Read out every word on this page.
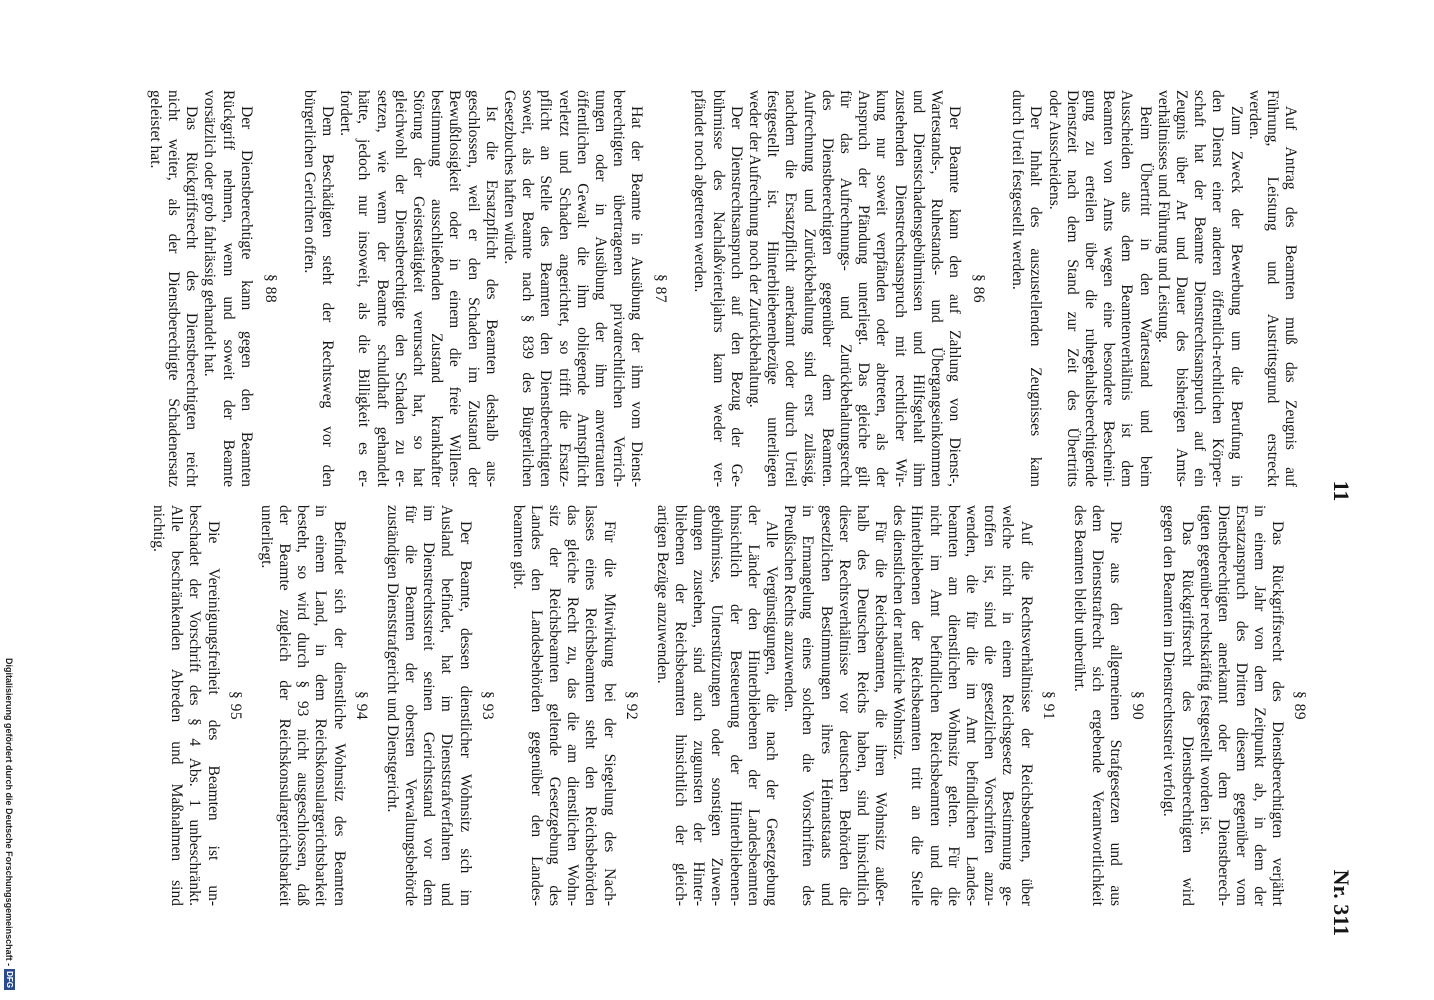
11
Nr. 311
Auf Antrag des Beamten muß das Zeugnis auf
Führung, Leistung und Austrittsgrund erstreckt
werden.
Zum Zweck der Bewerbung um die Berufung in
den Dienst einer anderen öffentlich-rechtlichen Körper-
schaft hat der Beamte Dienstrechtsanspruch auf ein
Zeugnis über Art und Dauer des bisherigen Amts-
verhältnisses und Führung und Leistung.
Beim Übertritt in den Wartestand und beim
Ausscheiden aus dem Beamtenverhältnis ist dem
Beamten von Amts wegen eine besondere Bescheini-
gung zu erteilen über die ruhegehaltsberechtigende
Dienstzeit nach dem Stand zur Zeit des Übertritts
oder Ausscheidens.
Der Inhalt des auszustellenden Zeugnisses kann
durch Urteil festgestellt werden.
§ 86
Der Beamte kann den auf Zahlung von Dienst-,
Wartestands-, Ruhestands- und Übergangseinkommen
und Dienstschadensgebührnissen und Hilfsgehalt ihm
zustehenden Dienstrechtsanspruch mit rechtlicher Wir-
kung nur soweit verpfänden oder abtreten, als der
Anspruch der Pfändung unterliegt. Das gleiche gilt
für das Aufrechnungs- und Zurückbehaltungsrecht
des Dienstberechtigten gegenüber dem Beamten.
Aufrechnung und Zurückbehaltung sind erst zulässig,
nachdem die Ersatzpflicht anerkannt oder durch Urteil
festgestellt ist. Hinterbliebenenbezüge unterliegen
weder der Aufrechnung noch der Zurückbehaltung.
Der Dienstrechtsanspruch auf den Bezug der Ge-
bührnisse des Nachlaßvierteljahrs kann weder ver-
pfändet noch abgetreten werden.
§ 87
Hat der Beamte in Ausübung der ihm vom Dienst-
berechtigten übertragenen privatrechtlichen Verrich-
tungen oder in Ausübung der ihm anvertrauten
öffentlichen Gewalt die ihm obliegende Amtspflicht
verletzt und Schaden angerichtet, so trifft die Ersatz-
pflicht an Stelle des Beamten den Dienstberechtigten
soweit, als der Beamte nach § 839 des Bürgerlichen
Gesetzbuches haften würde.
Ist die Ersatzpflicht des Beamten deshalb aus-
geschlossen, weil er den Schaden im Zustand der
Bewußtlosigkeit oder in einem die freie Willens-
bestimmung ausschließenden Zustand krankhafter
Störung der Geistestätigkeit verursacht hat, so hat
gleichwohl der Dienstberechtigte den Schaden zu er-
setzen, wie wenn der Beamte schuldhaft gehandelt
hätte, jedoch nur insoweit, als die Billigkeit es er-
fordert.
Dem Beschädigten steht der Rechtsweg vor den
bürgerlichen Gerichten offen.
§ 88
Der Dienstberechtigte kann gegen den Beamten
Rückgriff nehmen, wenn und soweit der Beamte
vorsätzlich oder grob fahrlässig gehandelt hat.
Das Rückgriffsrecht des Dienstberechtigten reicht
nicht weiter, als der Dienstberechtigte Schadenersatz
geleistet hat.
§ 89
Das Rückgriffsrecht des Dienstberechtigten verjährt
in einem Jahr von dem Zeitpunkt ab, in dem der
Ersatzanspruch des Dritten diesem gegenüber vom
Dienstberechtigten anerkannt oder dem Dienstberech-
tigten gegenüber rechtskräftig festgestellt worden ist.
Das Rückgriffsrecht des Dienstberechtigten wird
gegen den Beamten im Dienstrechtsstreit verfolgt.
§ 90
Die aus den allgemeinen Strafgesetzen und aus
dem Dienststrafrecht sich ergebende Verantwortlichkeit
des Beamten bleibt unberührt.
§ 91
Auf die Rechtsverhältnisse der Reichsbeamten, über
welche nicht in einem Reichsgesetz Bestimmung ge-
troffen ist, sind die gesetzlichen Vorschriften anzu-
wenden, die für die im Amt befindlichen Landes-
beamten am dienstlichen Wohnsitz gelten. Für die
nicht im Amt befindlichen Reichsbeamten und die
Hinterbliebenen der Reichsbeamten tritt an die Stelle
des dienstlichen der natürliche Wohnsitz.
Für die Reichsbeamten, die ihren Wohnsitz außer-
halb des Deutschen Reichs haben, sind hinsichtlich
dieser Rechtsverhältnisse vor deutschen Behörden die
gesetzlichen Bestimmungen ihres Heimatstaats und
in Ermangelung eines solchen die Vorschriften des
Preußischen Rechts anzuwenden.
Alle Vergünstigungen, die nach der Gesetzgebung
der Länder den Hinterbliebenen der Landesbeamten
hinsichtlich der Besteuerung der Hinterbliebenen-
gebührnisse, Unterstützungen oder sonstigen Zuwen-
dungen zustehen, sind auch zugunsten der Hinter-
bliebenen der Reichsbeamten hinsichtlich der gleich-
artigen Bezüge anzuwenden.
§ 92
Für die Mitwirkung bei der Siegelung des Nach-
lasses eines Reichsbeamten steht den Reichsbehörden
das gleiche Recht zu, das die am dienstlichen Wohn-
sitz der Reichsbeamten geltende Gesetzgebung des
Landes den Landesbehörden gegenüber den Landes-
beamten gibt.
§ 93
Der Beamte, dessen dienstlicher Wohnsitz sich im
Ausland befindet, hat im Dienststrafverfahren und
im Dienstrechtsstreit seinen Gerichtsstand vor dem
für die Beamten der obersten Verwaltungsbehörde
zuständigen Dienststrafgericht und Dienstgericht.
§ 94
Befindet sich der dienstliche Wohnsitz des Beamten
in einem Land, in dem Reichskonsulargerichtsbarkeit
besteht, so wird durch § 93 nicht ausgeschlossen, daß
der Beamte zugleich der Reichskonsulargerichtsbarkeit
unterliegt.
§ 95
Die Vereinigungsfreiheit des Beamten ist un-
beschadet der Vorschrift des § 4 Abs. 1 unbeschränkt.
Alle beschränkenden Abreden und Maßnahmen sind
nichtig.
Digitalisierung gefördert durch die Deutsche Forschungsgemeinschaft -DFG
